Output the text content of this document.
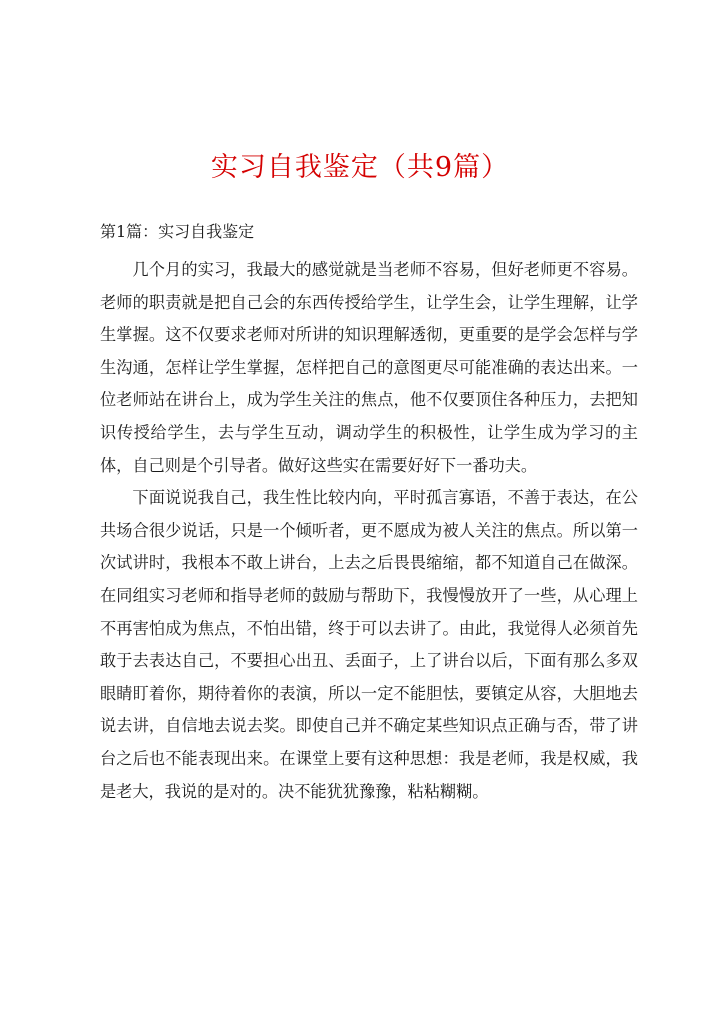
实习自我鉴定（共9篇）
第1篇：实习自我鉴定

几个月的实习，我最大的感觉就是当老师不容易，但好老师更不容易。老师的职责就是把自己会的东西传授给学生，让学生会，让学生理解，让学生掌握。这不仅要求老师对所讲的知识理解透彻，更重要的是学会怎样与学生沟通，怎样让学生掌握，怎样把自己的意图更尽可能准确的表达出来。一位老师站在讲台上，成为学生关注的焦点，他不仅要顶住各种压力，去把知识传授给学生，去与学生互动，调动学生的积极性，让学生成为学习的主体，自己则是个引导者。做好这些实在需要好好下一番功夫。

下面说说我自己，我生性比较内向，平时孤言寡语，不善于表达，在公共场合很少说话，只是一个倾听者，更不愿成为被人关注的焦点。所以第一次试讲时，我根本不敢上讲台，上去之后畏畏缩缩，都不知道自己在做深。在同组实习老师和指导老师的鼓励与帮助下，我慢慢放开了一些，从心理上不再害怕成为焦点，不怕出错，终于可以去讲了。由此，我觉得人必须首先敢于去表达自己，不要担心出丑、丢面子，上了讲台以后，下面有那么多双眼睛盯着你，期待着你的表演，所以一定不能胆怯，要镇定从容，大胆地去说去讲，自信地去说去奖。即使自己并不确定某些知识点正确与否，带了讲台之后也不能表现出来。在课堂上要有这种思想：我是老师，我是权威，我是老大，我说的是对的。决不能犹犹豫豫，粘粘糊糊。
